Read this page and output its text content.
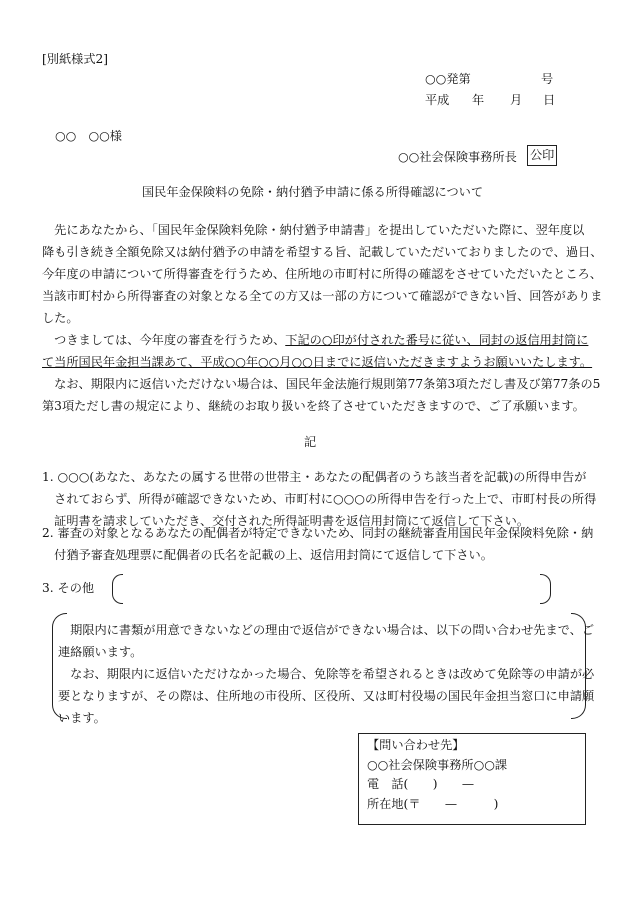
[別紙様式2]
○○発第	号
平成 年 月 日
○○　○○様
○○社会保険事務所長 公印
国民年金保険料の免除・納付猶予申請に係る所得確認について
　先にあなたから、「国民年金保険料免除・納付猶予申請書」を提出していただいた際に、翌年度以
降も引き続き全額免除又は納付猶予の申請を希望する旨、記載していただいておりましたので、過日、
今年度の申請について所得審査を行うため、住所地の市町村に所得の確認をさせていただいたところ、
当該市町村から所得審査の対象となる全ての方又は一部の方について確認ができない旨、回答がありま
した。
　つきましては、今年度の審査を行うため、下記の○印が付された番号に従い、同封の返信用封筒に
て当所国民年金担当課あて、平成○○年○○月○○日までに返信いただきますようお願いいたします。
　なお、期限内に返信いただけない場合は、国民年金法施行規則第77条第3項ただし書及び第77条の5
第3項ただし書の規定により、継続のお取り扱いを終了させていただきますので、ご了承願います。
記
1. ○○○(あなた、あなたの属する世帯の世帯主・あなたの配偶者のうち該当者を記載)の所得申告が
　されておらず、所得が確認できないため、市町村に○○○の所得申告を行った上で、市町村長の所得
　証明書を請求していただき、交付された所得証明書を返信用封筒にて返信して下さい。
2. 審査の対象となるあなたの配偶者が特定できないため、同封の継続審査用国民年金保険料免除・納
　付猶予審査処理票に配偶者の氏名を記載の上、返信用封筒にて返信して下さい。
3. その他
　期限内に書類が用意できないなどの理由で返信ができない場合は、以下の問い合わせ先まで、ご
連絡願います。
　なお、期限内に返信いただけなかった場合、免除等を希望されるときは改めて免除等の申請が必
要となりますが、その際は、住所地の市役所、区役所、又は町村役場の国民年金担当窓口に申請願
います。
【問い合わせ先】
○○社会保険事務所○○課
電　話(　　)　　—
所在地(〒　　—　　　)
